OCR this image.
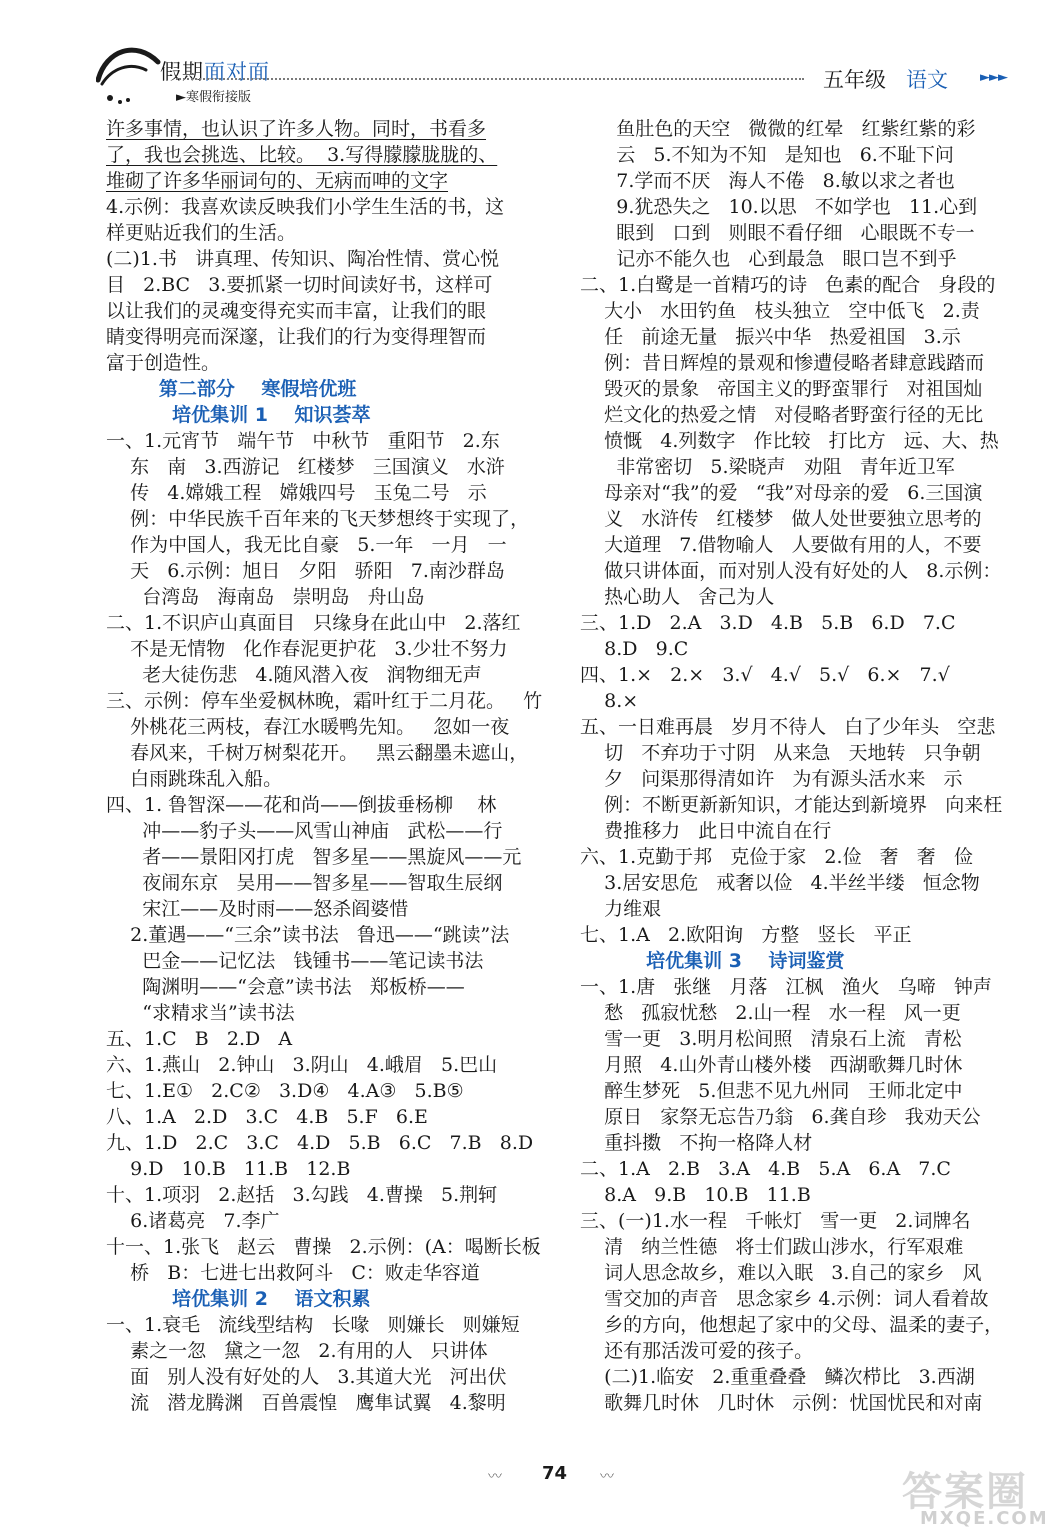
假期面对面
►寒假衔接版
五年级 语文 ►►►
许多事情，也认识了许多人物。同时，书看多
了，我也会挑选、比较。  3.写得朦朦胧胧的、
堆砌了许多华丽词句的、无病而呻的文字
4.示例：我喜欢读反映我们小学生生活的书，这
样更贴近我们的生活。
(二)1.书   讲真理、传知识、陶冶性情、赏心悦
目   2.BC   3.要抓紧一切时间读好书，这样可
以让我们的灵魂变得充实而丰富，让我们的眼
睛变得明亮而深邃，让我们的行为变得理智而
富于创造性。
第二部分    寒假培优班
培优集训 1    知识荟萃
一、1.元宵节   端午节   中秋节   重阳节   2.东
东   南   3.西游记   红楼梦   三国演义   水浒
传   4.嫦娥工程   嫦娥四号   玉兔二号   示
例：中华民族千百年来的飞天梦想终于实现了，
作为中国人，我无比自豪   5.一年   一月   一
天   6.示例：旭日   夕阳   骄阳   7.南沙群岛
台湾岛   海南岛   崇明岛   舟山岛
二、1.不识庐山真面目   只缘身在此山中   2.落红
不是无情物   化作春泥更护花   3.少壮不努力
老大徒伤悲   4.随风潜入夜   润物细无声
三、示例：停车坐爱枫林晚，霜叶红于二月花。   竹
外桃花三两枝，春江水暖鸭先知。   忽如一夜
春风来，千树万树梨花开。   黑云翻墨未遮山，
白雨跳珠乱入船。
四、1. 鲁智深——花和尚——倒拔垂杨柳    林
冲——豹子头——风雪山神庙   武松——行
者——景阳冈打虎   智多星——黑旋风——元
夜闹东京   吴用——智多星——智取生辰纲
宋江——及时雨——怒杀阎婆惜
2.董遇——“三余”读书法   鲁迅——“跳读”法
巴金——记忆法   钱锺书——笔记读书法
陶渊明——“会意”读书法   郑板桥——
“求精求当”读书法
五、1.C   B   2.D   A
六、1.燕山   2.钟山   3.阴山   4.峨眉   5.巴山
七、1.E①   2.C②   3.D④   4.A③   5.B⑤
八、1.A   2.D   3.C   4.B   5.F   6.E
九、1.D   2.C   3.C   4.D   5.B   6.C   7.B   8.D
9.D   10.B   11.B   12.B
十、1.项羽   2.赵括   3.勾践   4.曹操   5.荆轲
6.诸葛亮   7.李广
十一、1.张飞   赵云   曹操   2.示例：(A：喝断长板
桥   B：七进七出救阿斗   C：败走华容道
培优集训 2    语文积累
一、1.衰毛   流线型结构   长喙   则嫌长   则嫌短
素之一忽   黛之一忽   2.有用的人   只讲体
面   别人没有好处的人   3.其道大光   河出伏
流   潜龙腾渊   百兽震惶   鹰隼试翼   4.黎明
鱼肚色的天空   微微的红晕   红紫红紫的彩
云   5.不知为不知   是知也   6.不耻下问
7.学而不厌   海人不倦   8.敏以求之者也
9.犹恐失之   10.以思   不如学也   11.心到
眼到   口到   则眼不看仔细   心眼既不专一
记亦不能久也   心到最急   眼口岂不到乎
二、1.白鹭是一首精巧的诗   色素的配合   身段的
大小   水田钓鱼   枝头独立   空中低飞   2.责
任   前途无量   振兴中华   热爱祖国   3.示
例：昔日辉煌的景观和惨遭侵略者肆意践踏而
毁灭的景象   帝国主义的野蛮罪行   对祖国灿
烂文化的热爱之情   对侵略者野蛮行径的无比
愤慨   4.列数字   作比较   打比方   远、大、热
非常密切   5.梁晓声   劝阻   青年近卫军
母亲对“我”的爱   “我”对母亲的爱   6.三国演
义   水浒传   红楼梦   做人处世要独立思考的
大道理   7.借物喻人   人要做有用的人，不要
做只讲体面，而对别人没有好处的人   8.示例：
热心助人   舍己为人
三、1.D   2.A   3.D   4.B   5.B   6.D   7.C
8.D   9.C
四、1.×   2.×   3.√   4.√   5.√   6.×   7.√
8.×
五、一日难再晨   岁月不待人   白了少年头   空悲
切   不弃功于寸阴   从来急   天地转   只争朝
夕   问渠那得清如许   为有源头活水来   示
例：不断更新新知识，才能达到新境界   向来枉
费推移力   此日中流自在行
六、1.克勤于邦   克俭于家   2.俭   奢   奢   俭
3.居安思危   戒奢以俭   4.半丝半缕   恒念物
力维艰
七、1.A   2.欧阳询   方整   竖长   平正
培优集训 3    诗词鉴赏
一、1.唐   张继   月落   江枫   渔火   乌啼   钟声
愁   孤寂忧愁   2.山一程   水一程   风一更
雪一更   3.明月松间照   清泉石上流   青松
月照   4.山外青山楼外楼   西湖歌舞几时休
醉生梦死   5.但悲不见九州同   王师北定中
原日   家祭无忘告乃翁   6.龚自珍   我劝天公
重抖擞   不拘一格降人材
二、1.A   2.B   3.A   4.B   5.A   6.A   7.C
8.A   9.B   10.B   11.B
三、(一)1.水一程   千帐灯   雪一更   2.词牌名
清   纳兰性德   将士们跋山涉水，行军艰难
词人思念故乡，难以入眠   3.自己的家乡   风
雪交加的声音   思念家乡 4.示例：词人看着故
乡的方向，他想起了家中的父母、温柔的妻子，
还有那活泼可爱的孩子。
(二)1.临安   2.重重叠叠   鳞次栉比   3.西湖
歌舞几时休   几时休   示例：忧国忧民和对南
〰 74 〰	答案圈
MXQE.COM
